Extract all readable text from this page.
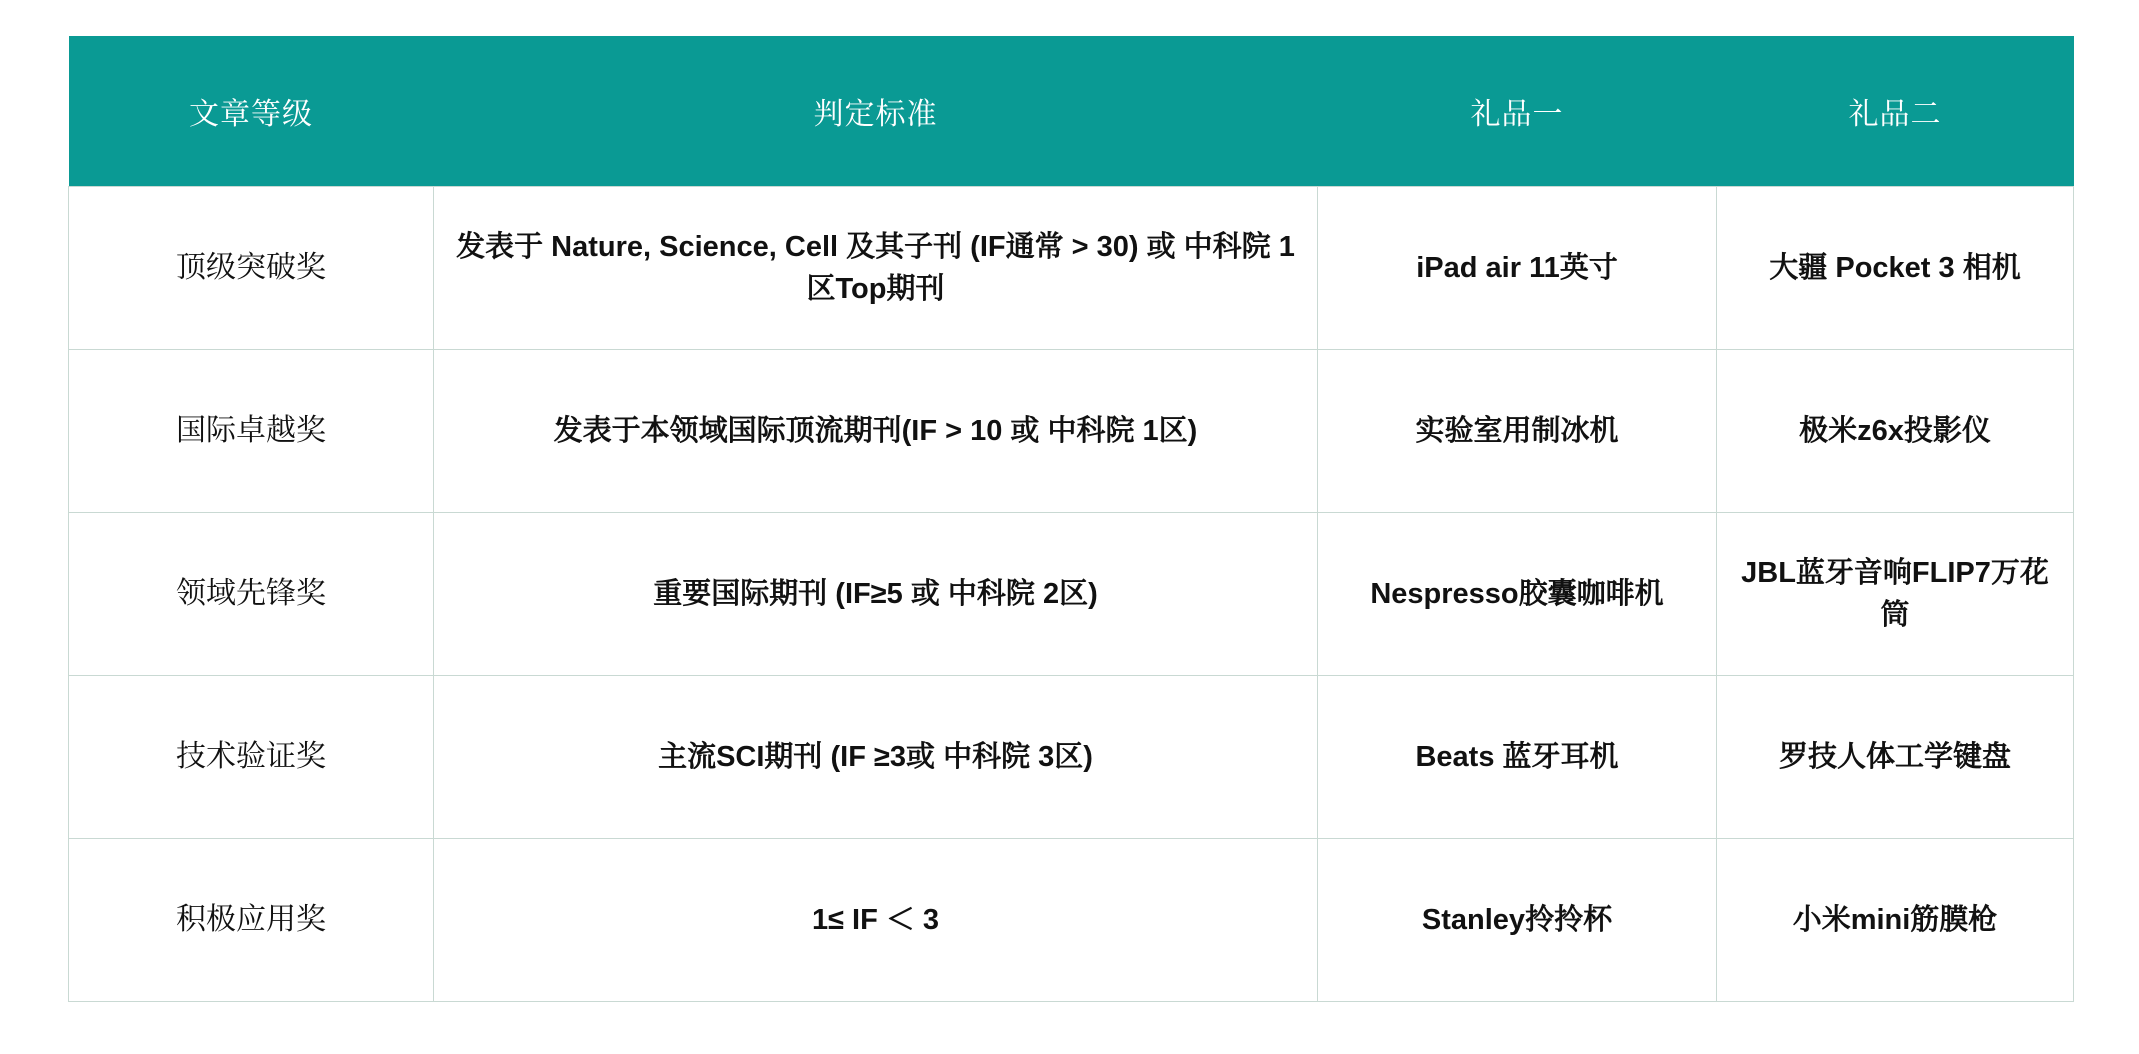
文章等级	判定标准	礼品一	礼品二
顶级突破奖	发表于 Nature, Science, Cell 及其子刊 (IF通常 > 30) 或 中科院 1区Top期刊	iPad air 11英寸	大疆 Pocket 3 相机
国际卓越奖	发表于本领域国际顶流期刊(IF > 10 或 中科院 1区)	实验室用制冰机	极米z6x投影仪
领域先锋奖	重要国际期刊 (IF≥5 或 中科院 2区)	Nespresso胶囊咖啡机	JBL蓝牙音响FLIP7万花筒
技术验证奖	主流SCI期刊 (IF ≥3或 中科院 3区)	Beats 蓝牙耳机	罗技人体工学键盘
积极应用奖	1≤ IF ＜ 3	Stanley拎拎杯	小米mini筋膜枪
